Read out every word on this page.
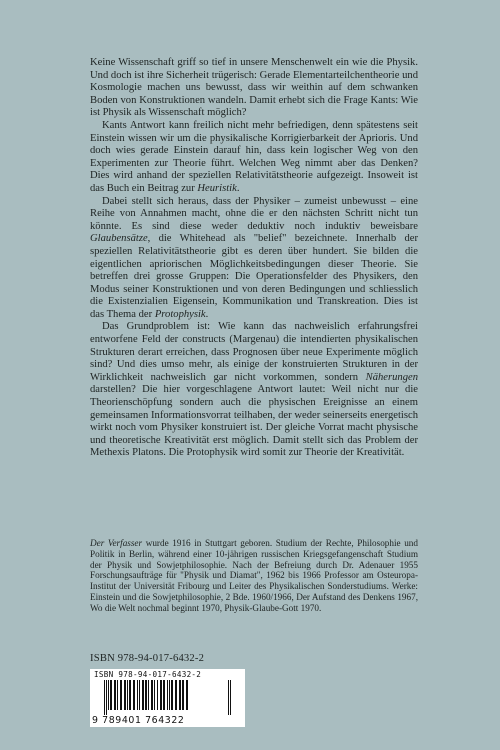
Keine Wissenschaft griff so tief in unsere Menschenwelt ein wie die Physik. Und doch ist ihre Sicherheit trügerisch: Gerade Elementarteilchentheorie und Kosmologie machen uns bewusst, dass wir weithin auf dem schwanken Boden von Konstruktionen wandeln. Damit erhebt sich die Frage Kants: Wie ist Physik als Wissenschaft möglich?

Kants Antwort kann freilich nicht mehr befriedigen, denn spätestens seit Einstein wissen wir um die physikalische Korrigierbarkeit der Aprioris. Und doch wies gerade Einstein darauf hin, dass kein logischer Weg von den Experimenten zur Theorie führt. Welchen Weg nimmt aber das Denken? Dies wird anhand der speziellen Relativitätstheorie aufgezeigt. Insoweit ist das Buch ein Beitrag zur Heuristik.

Dabei stellt sich heraus, dass der Physiker – zumeist unbewusst – eine Reihe von Annahmen macht, ohne die er den nächsten Schritt nicht tun könnte. Es sind diese weder deduktiv noch induktiv beweisbare Glaubensätze, die Whitehead als "belief" bezeichnete. Innerhalb der speziellen Relativitätstheorie gibt es deren über hundert. Sie bilden die eigentlichen apriorischen Möglichkeitsbedingungen dieser Theorie. Sie betreffen drei grosse Gruppen: Die Operationsfelder des Physikers, den Modus seiner Konstruktionen und von deren Bedingungen und schliesslich die Existenzialien Eigensein, Kommunikation und Transkreation. Dies ist das Thema der Protophysik.

Das Grundproblem ist: Wie kann das nachweislich erfahrungsfrei entworfene Feld der constructs (Margenau) die intendierten physikalischen Strukturen derart erreichen, dass Prognosen über neue Experimente möglich sind? Und dies umso mehr, als einige der konstruierten Strukturen in der Wirklichkeit nachweislich gar nicht vorkommen, sondern Näherungen darstellen? Die hier vorgeschlagene Antwort lautet: Weil nicht nur die Theorienschöpfung sondern auch die physischen Ereignisse an einem gemeinsamen Informationsvorrat teilhaben, der weder seinerseits energetisch wirkt noch vom Physiker konstruiert ist. Der gleiche Vorrat macht physische und theoretische Kreativität erst möglich. Damit stellt sich das Problem der Methexis Platons. Die Protophysik wird somit zur Theorie der Kreativität.

Der Verfasser wurde 1916 in Stuttgart geboren. Studium der Rechte, Philosophie und Politik in Berlin, während einer 10-jährigen russischen Kriegsgefangenschaft Studium der Physik und Sowjetphilosophie. Nach der Befreiung durch Dr. Adenauer 1955 Forschungsaufträge für "Physik und Diamat", 1962 bis 1966 Professor am Osteuropa-Institut der Universität Fribourg und Leiter des Physikalischen Sonderstudiums. Werke: Einstein und die Sowjetphilosophie, 2 Bde. 1960/1966, Der Aufstand des Denkens 1967, Wo die Welt nochmal beginnt 1970, Physik-Glaube-Gott 1970.

ISBN 978-94-017-6432-2
ISBN 978-94-017-6432-2
9 789401 764322
